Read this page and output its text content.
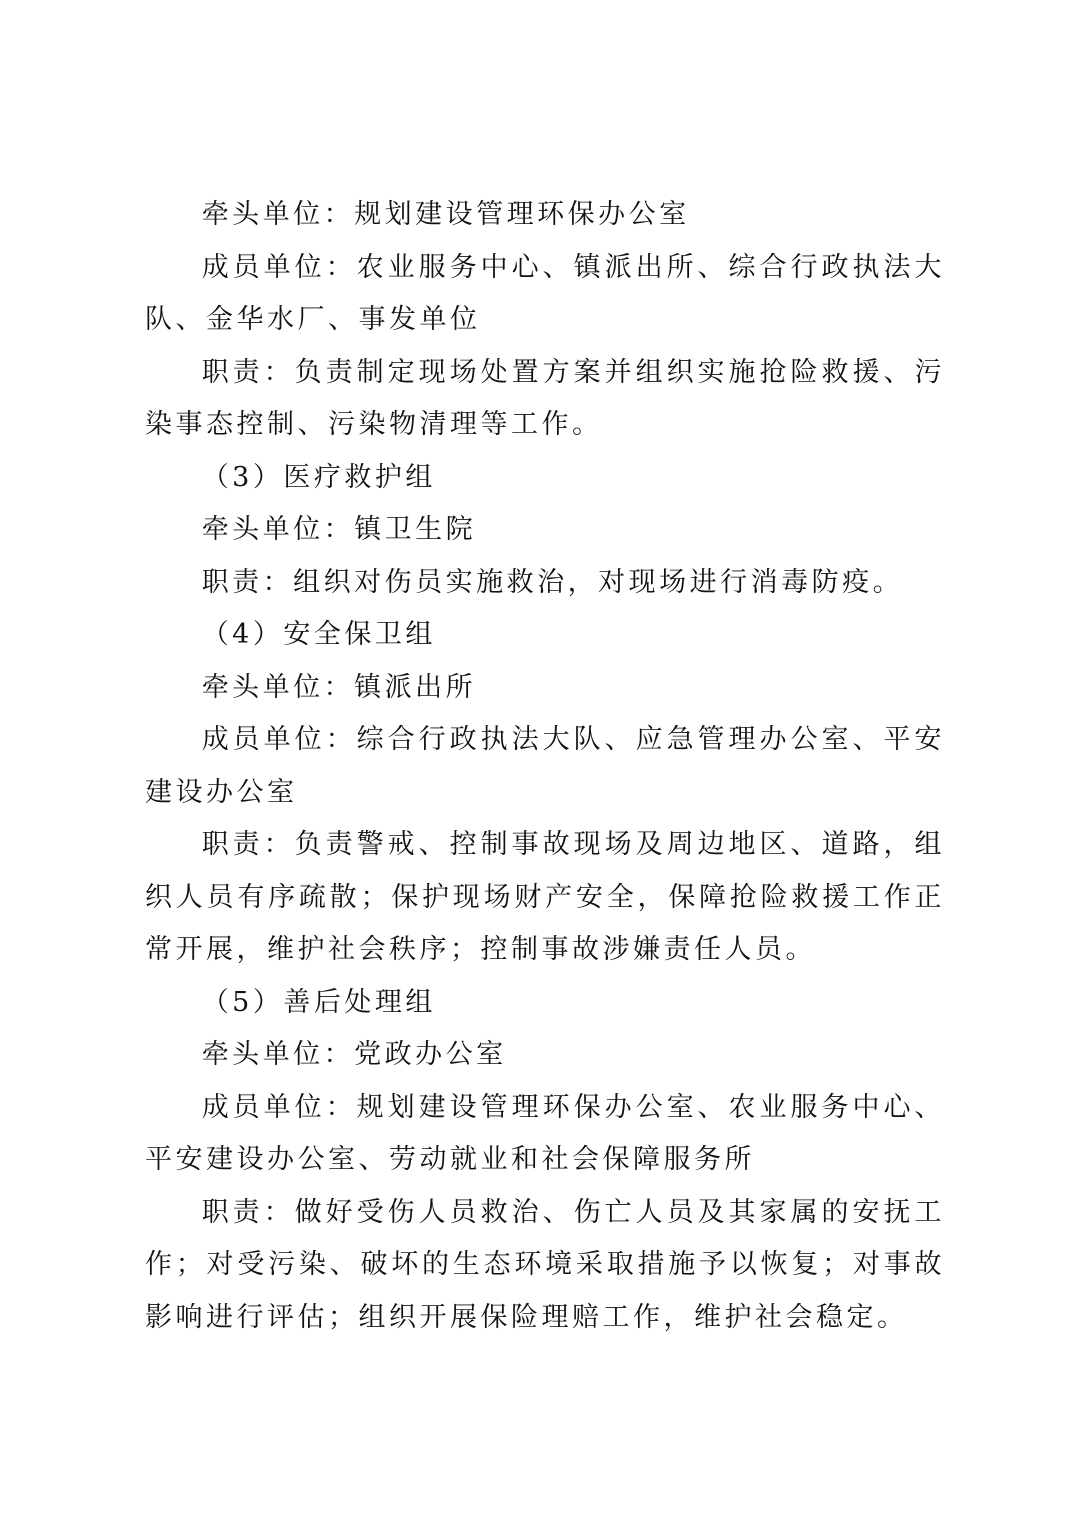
牵头单位：规划建设管理环保办公室

成员单位：农业服务中心、镇派出所、综合行政执法大队、金华水厂、事发单位

职责：负责制定现场处置方案并组织实施抢险救援、污染事态控制、污染物清理等工作。

（3）医疗救护组

牵头单位：镇卫生院

职责：组织对伤员实施救治，对现场进行消毒防疫。

（4）安全保卫组

牵头单位：镇派出所

成员单位：综合行政执法大队、应急管理办公室、平安建设办公室

职责：负责警戒、控制事故现场及周边地区、道路，组织人员有序疏散；保护现场财产安全，保障抢险救援工作正常开展，维护社会秩序；控制事故涉嫌责任人员。

（5）善后处理组

牵头单位：党政办公室

成员单位：规划建设管理环保办公室、农业服务中心、平安建设办公室、劳动就业和社会保障服务所

职责：做好受伤人员救治、伤亡人员及其家属的安抚工作；对受污染、破坏的生态环境采取措施予以恢复；对事故影响进行评估；组织开展保险理赔工作，维护社会稳定。
